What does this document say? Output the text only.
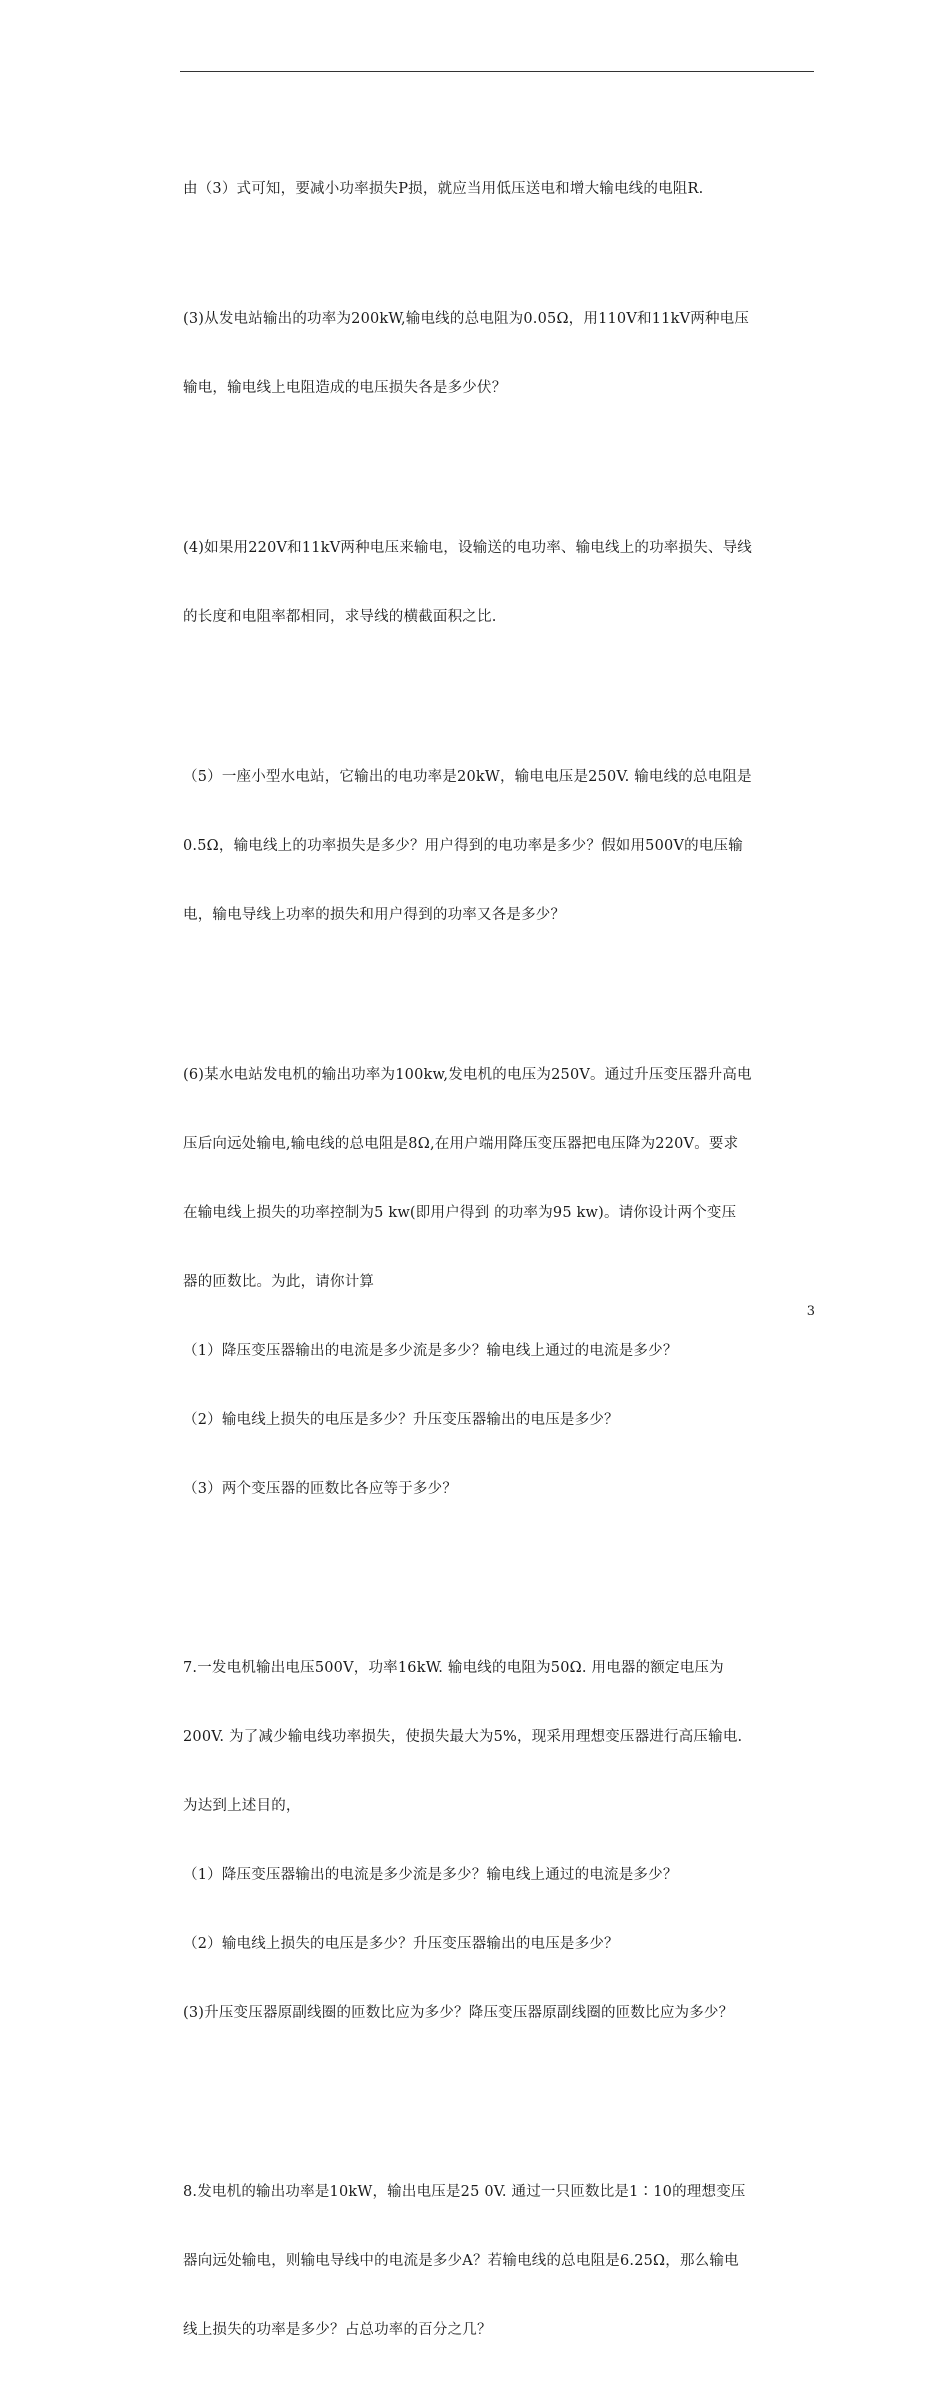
由（3）式可知，要减小功率损失P损，就应当用低压送电和增大输电线的电阻R.

(3)从发电站输出的功率为200kW,输电线的总电阻为0.05Ω，用110V和11kV两种电压

输电，输电线上电阻造成的电压损失各是多少伏？

(4)如果用220V和11kV两种电压来输电，设输送的电功率、输电线上的功率损失、导线

的长度和电阻率都相同，求导线的横截面积之比.

（5）一座小型水电站，它输出的电功率是20kW，输电电压是250V. 输电线的总电阻是

0.5Ω，输电线上的功率损失是多少？用户得到的电功率是多少？假如用500V的电压输

电，输电导线上功率的损失和用户得到的功率又各是多少？

(6)某水电站发电机的输出功率为100kw,发电机的电压为250V。通过升压变压器升高电

压后向远处输电,输电线的总电阻是8Ω,在用户端用降压变压器把电压降为220V。要求

在输电线上损失的功率控制为5 kw(即用户得到 的功率为95 kw)。请你设计两个变压

器的匝数比。为此，请你计算

（1）降压变压器输出的电流是多少流是多少？输电线上通过的电流是多少？

（2）输电线上损失的电压是多少？升压变压器输出的电压是多少？

（3）两个变压器的匝数比各应等于多少？

7.一发电机输出电压500V，功率16kW. 输电线的电阻为50Ω. 用电器的额定电压为

200V. 为了减少输电线功率损失，使损失最大为5%，现采用理想变压器进行高压输电.

为达到上述目的，

（1）降压变压器输出的电流是多少流是多少？输电线上通过的电流是多少？

（2）输电线上损失的电压是多少？升压变压器输出的电压是多少？

(3)升压变压器原副线圈的匝数比应为多少？降压变压器原副线圈的匝数比应为多少？

8.发电机的输出功率是10kW，输出电压是25 0V. 通过一只匝数比是1∶10的理想变压

器向远处输电，则输电导线中的电流是多少A？若输电线的总电阻是6.25Ω，那么输电

线上损失的功率是多少？占总功率的百分之几？

3
